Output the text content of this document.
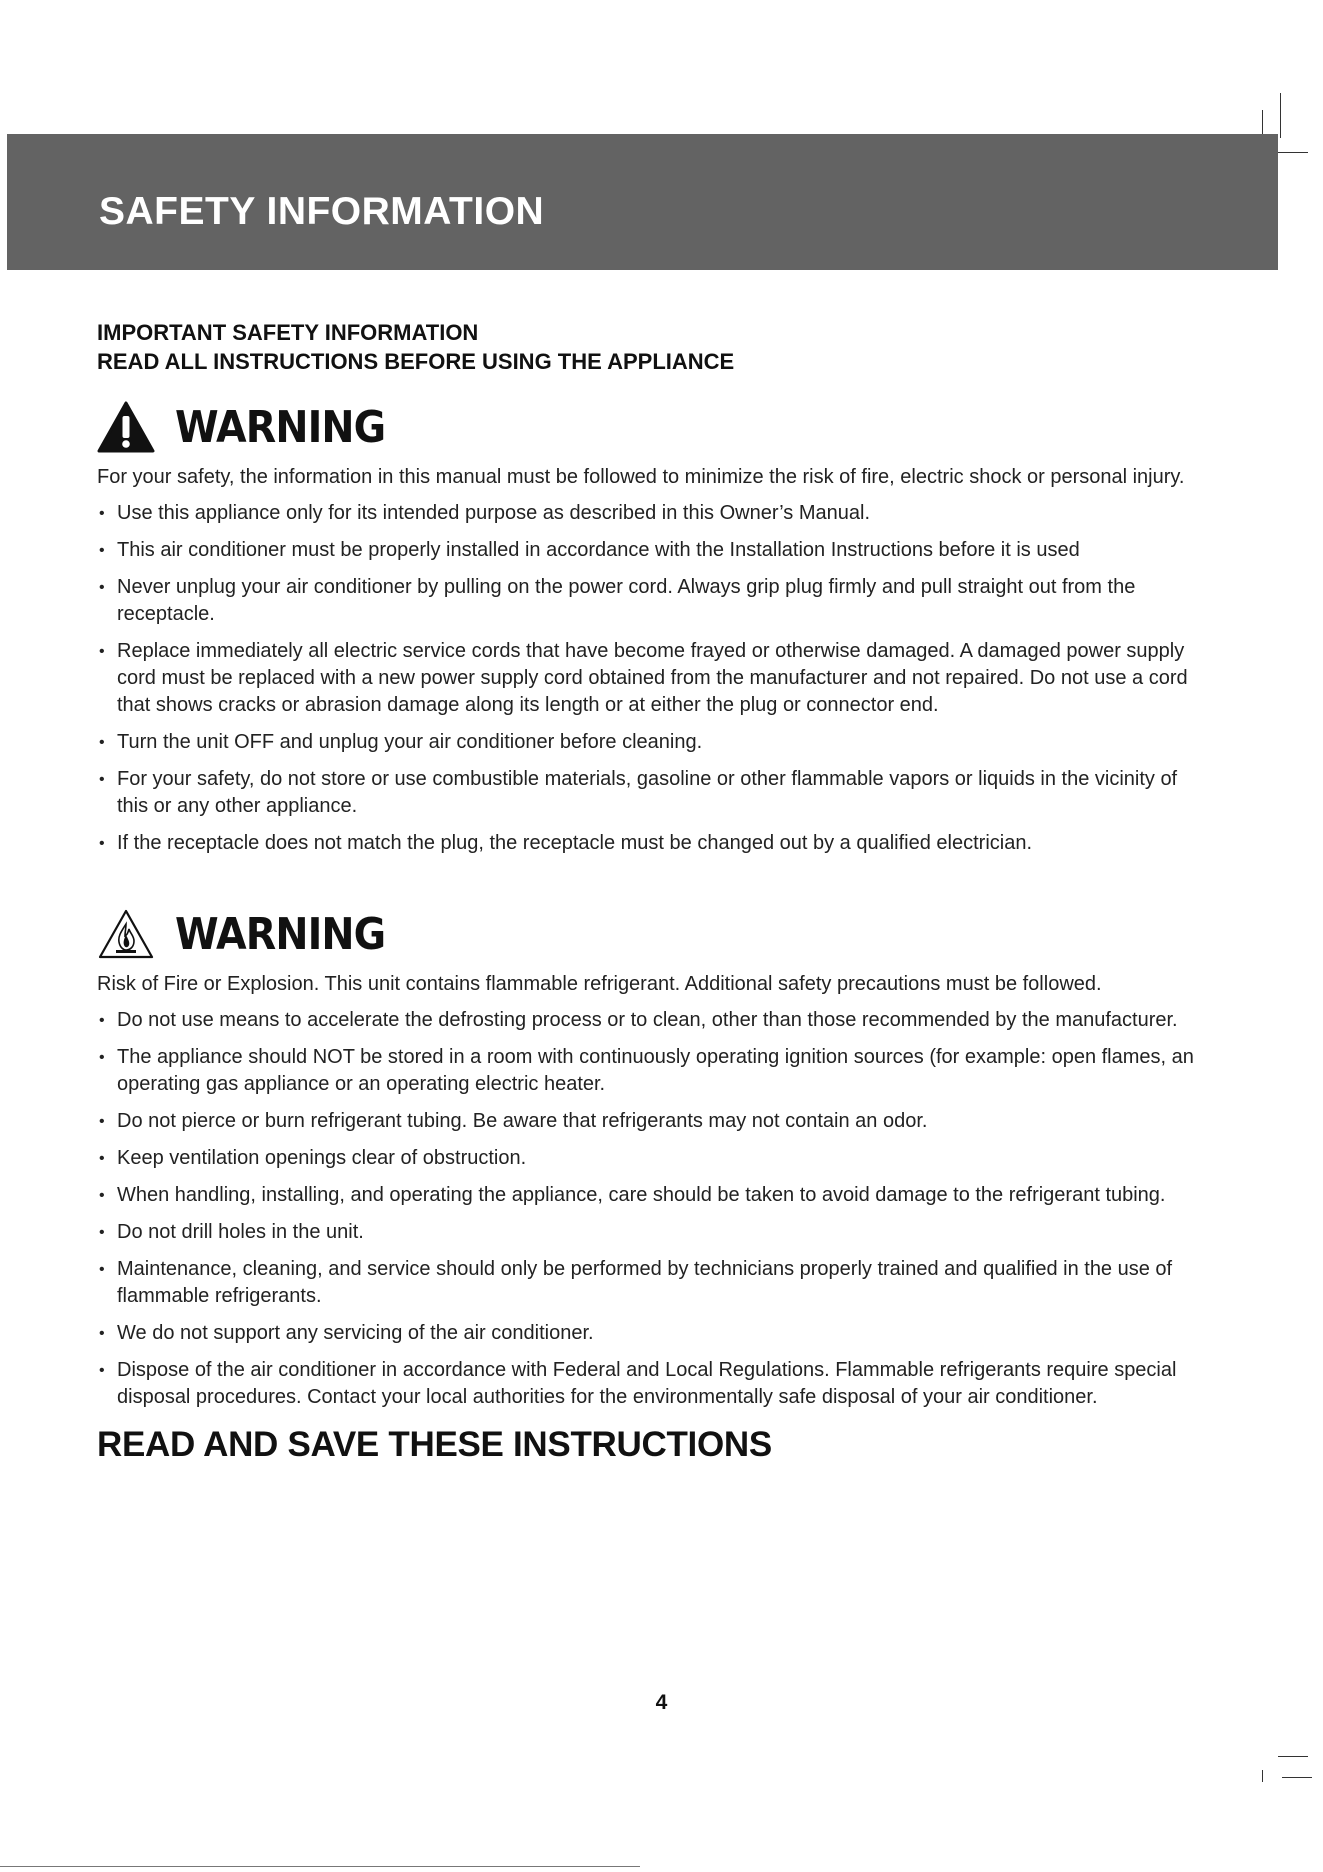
SAFETY INFORMATION
IMPORTANT SAFETY INFORMATION
READ ALL INSTRUCTIONS BEFORE USING THE APPLIANCE
WARNING
For your safety, the information in this manual must be followed to minimize the risk of fire, electric shock or personal injury.
• Use this appliance only for its intended purpose as described in this Owner’s Manual.
• This air conditioner must be properly installed in accordance with the Installation Instructions before it is used
• Never unplug your air conditioner by pulling on the power cord. Always grip plug firmly and pull straight out from the receptacle.
• Replace immediately all electric service cords that have become frayed or otherwise damaged. A damaged power supply cord must be replaced with a new power supply cord obtained from the manufacturer and not repaired. Do not use a cord that shows cracks or abrasion damage along its length or at either the plug or connector end.
• Turn the unit OFF and unplug your air conditioner before cleaning.
• For your safety, do not store or use combustible materials, gasoline or other flammable vapors or liquids in the vicinity of this or any other appliance.
• If the receptacle does not match the plug, the receptacle must be changed out by a qualified electrician.
WARNING
Risk of Fire or Explosion. This unit contains flammable refrigerant. Additional safety precautions must be followed.
• Do not use means to accelerate the defrosting process or to clean, other than those recommended by the manufacturer.
• The appliance should NOT be stored in a room with continuously operating ignition sources (for example: open flames, an operating gas appliance or an operating electric heater.
• Do not pierce or burn refrigerant tubing. Be aware that refrigerants may not contain an odor.
• Keep ventilation openings clear of obstruction.
• When handling, installing, and operating the appliance, care should be taken to avoid damage to the refrigerant tubing.
• Do not drill holes in the unit.
• Maintenance, cleaning, and service should only be performed by technicians properly trained and qualified in the use of flammable refrigerants.
• We do not support any servicing of the air conditioner.
• Dispose of the air conditioner in accordance with Federal and Local Regulations. Flammable refrigerants require special disposal procedures. Contact your local authorities for the environmentally safe disposal of your air conditioner.
READ AND SAVE THESE INSTRUCTIONS
4
